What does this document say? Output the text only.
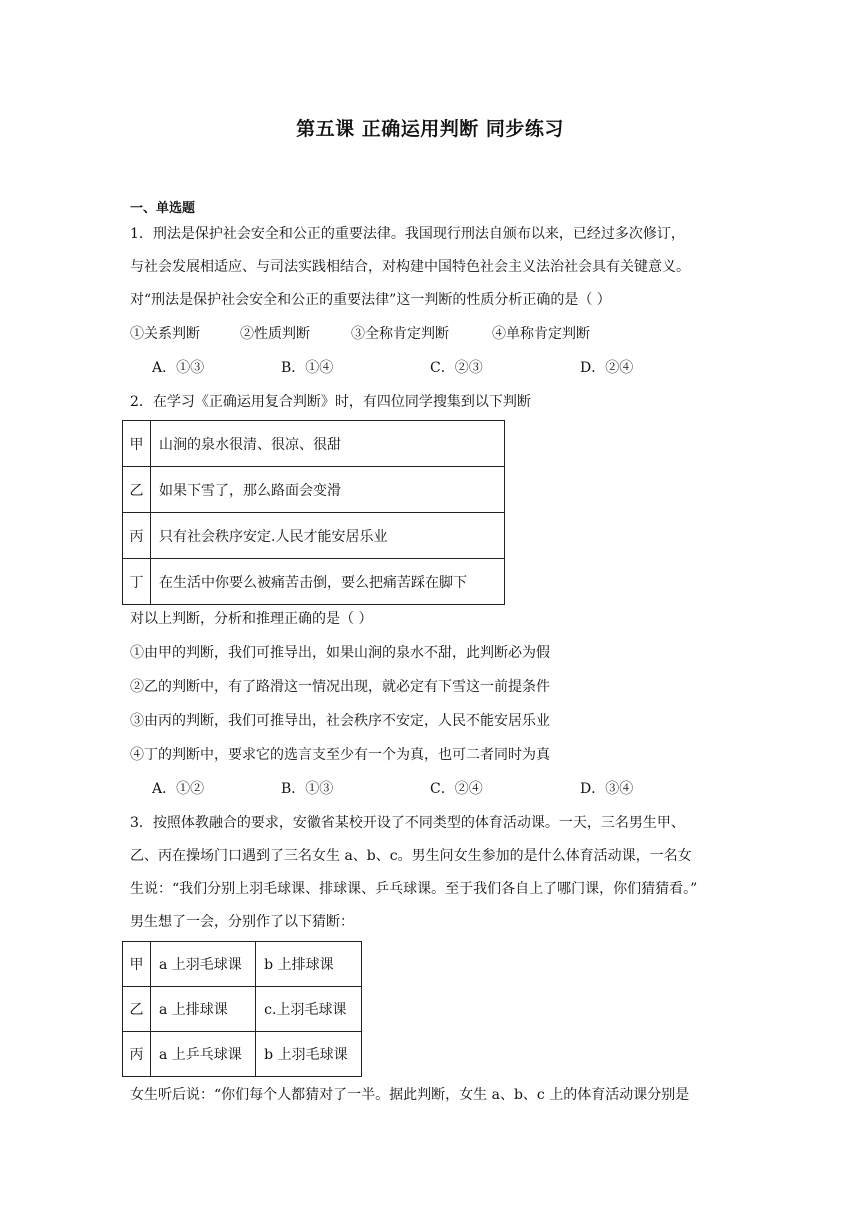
第五课 正确运用判断 同步练习
一、单选题
1．刑法是保护社会安全和公正的重要法律。我国现行刑法自颁布以来，已经过多次修订，
与社会发展相适应、与司法实践相结合，对构建中国特色社会主义法治社会具有关键意义。
对“刑法是保护社会安全和公正的重要法律”这一判断的性质分析正确的是（ ）
①关系判断	②性质判断	③全称肯定判断	④单称肯定判断
A．①③	B．①④	C．②③	D．②④
2．在学习《正确运用复合判断》时，有四位同学搜集到以下判断
甲	山涧的泉水很清、很凉、很甜
乙	如果下雪了，那么路面会变滑
丙	只有社会秩序安定.人民才能安居乐业
丁	在生活中你要么被痛苦击倒，要么把痛苦踩在脚下
对以上判断，分析和推理正确的是（ ）
①由甲的判断，我们可推导出，如果山涧的泉水不甜，此判断必为假
②乙的判断中，有了路滑这一情况出现，就必定有下雪这一前提条件
③由丙的判断，我们可推导出，社会秩序不安定，人民不能安居乐业
④丁的判断中，要求它的选言支至少有一个为真，也可二者同时为真
A．①②	B．①③	C．②④	D．③④
3．按照体教融合的要求，安徽省某校开设了不同类型的体育活动课。一天，三名男生甲、
乙、丙在操场门口遇到了三名女生 a、b、c。男生问女生参加的是什么体育活动课，一名女
生说：“我们分别上羽毛球课、排球课、乒乓球课。至于我们各自上了哪门课，你们猜猜看。”
男生想了一会，分别作了以下猜断：
甲	a 上羽毛球课	b 上排球课
乙	a 上排球课	c.上羽毛球课
丙	a 上乒乓球课	b 上羽毛球课
女生听后说：“你们每个人都猜对了一半。据此判断，女生 a、b、c 上的体育活动课分别是
